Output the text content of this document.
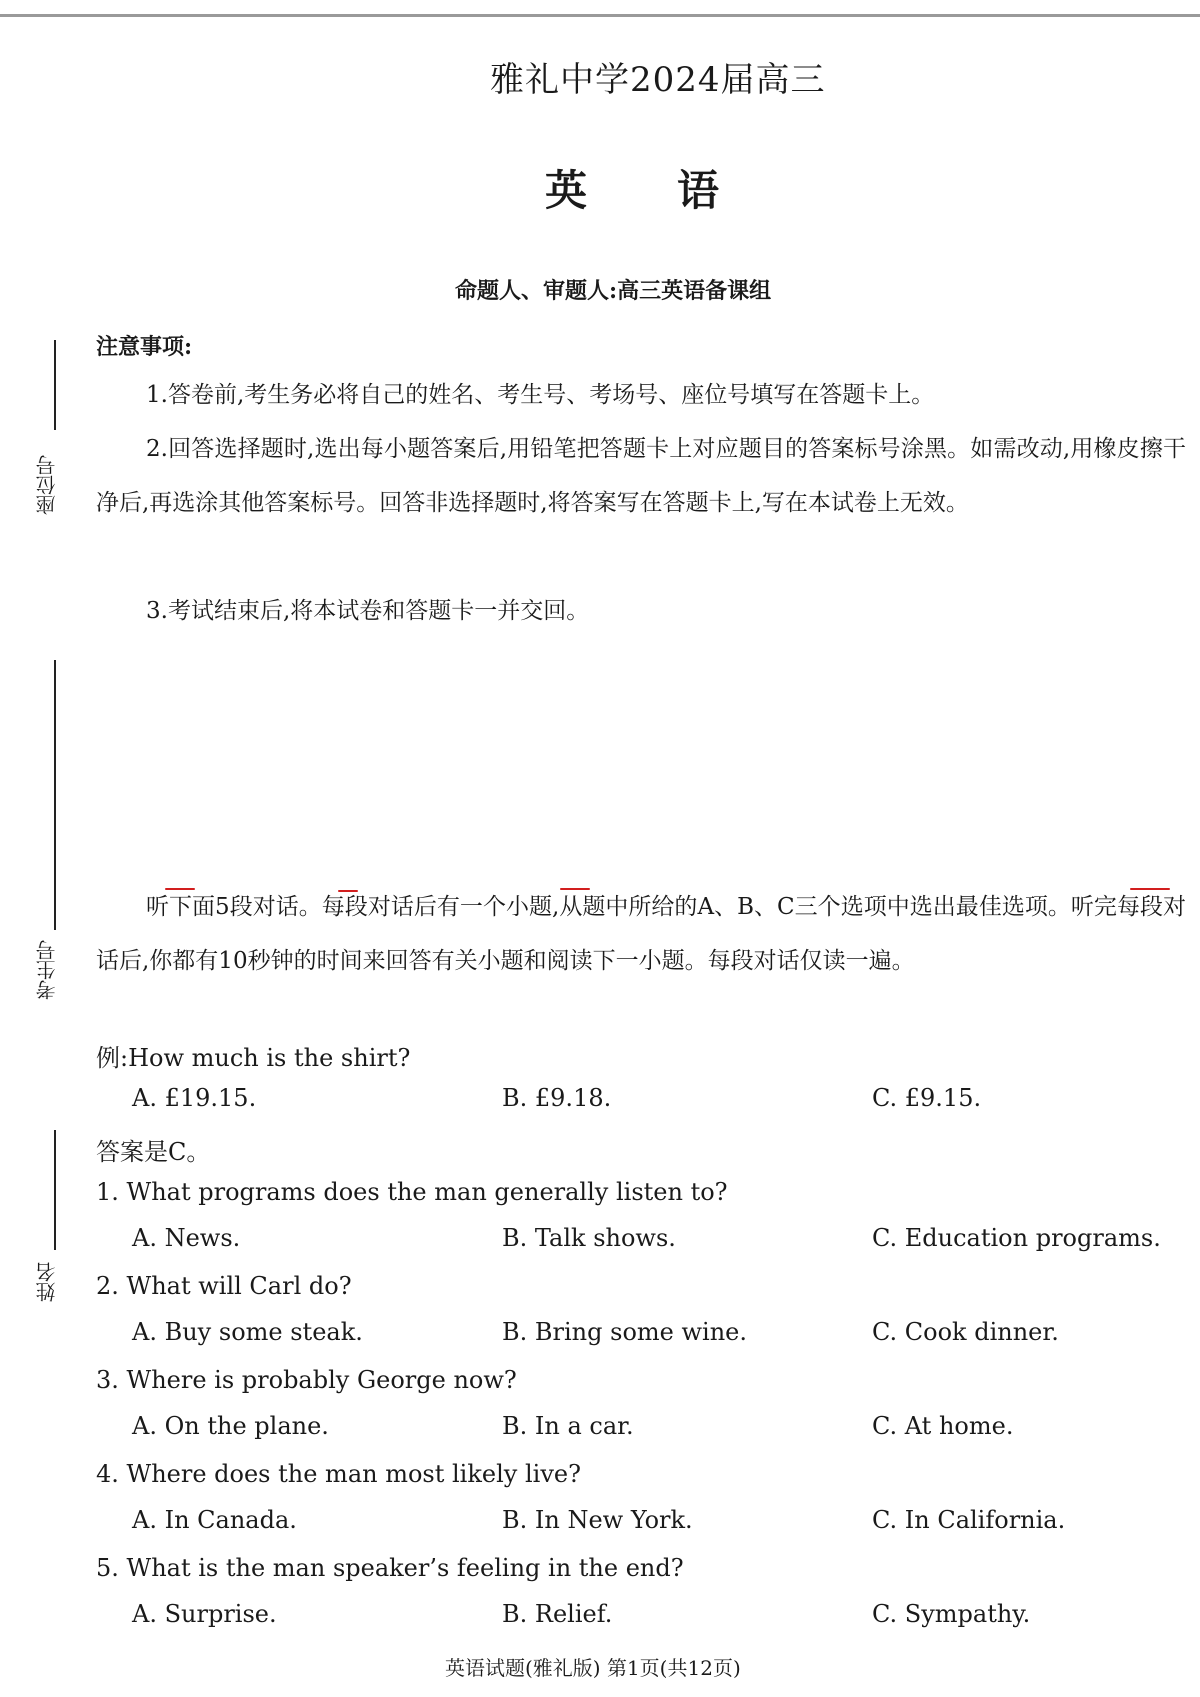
座位号
考生号
姓名
雅礼中学2024届高三
英语
命题人、审题人:高三英语备课组
注意事项:
1.答卷前,考生务必将自己的姓名、考生号、考场号、座位号填写在答题卡上。
2.回答选择题时,选出每小题答案后,用铅笔把答题卡上对应题目的答案标号涂黑。如需改动,用橡皮擦干净后,再选涂其他答案标号。回答非选择题时,将答案写在答题卡上,写在本试卷上无效。
3.考试结束后,将本试卷和答题卡一并交回。
听下面5段对话。每段对话后有一个小题,从题中所给的A、B、C三个选项中选出最佳选项。听完每段对话后,你都有10秒钟的时间来回答有关小题和阅读下一小题。每段对话仅读一遍。
例:How much is the shirt?
A. £19.15.	B. £9.18.	C. £9.15.
答案是C。
1. What programs does the man generally listen to?
A. News.	B. Talk shows.	C. Education programs.
2. What will Carl do?
A. Buy some steak.	B. Bring some wine.	C. Cook dinner.
3. Where is probably George now?
A. On the plane.	B. In a car.	C. At home.
4. Where does the man most likely live?
A. In Canada.	B. In New York.	C. In California.
5. What is the man speaker’s feeling in the end?
A. Surprise.	B. Relief.	C. Sympathy.
英语试题(雅礼版) 第1页(共12页)
